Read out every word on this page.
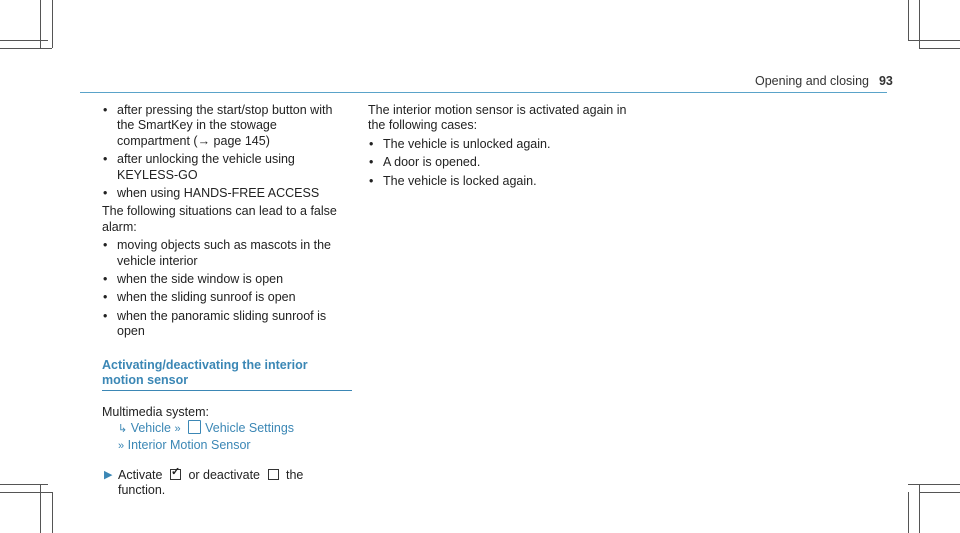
Opening and closing 93
• after pressing the start/stop button with the SmartKey in the stowage compartment (→ page 145)
• after unlocking the vehicle using KEYLESS-GO
• when using HANDS-FREE ACCESS

The following situations can lead to a false alarm:

• moving objects such as mascots in the vehicle interior
• when the side window is open
• when the sliding sunroof is open
• when the panoramic sliding sunroof is open
Activating/deactivating the interior motion sensor
Multimedia system:
↳ Vehicle » Vehicle Settings
» Interior Motion Sensor
▶ Activate ✓ or deactivate the function.

The interior motion sensor is activated again in the following cases:

• The vehicle is unlocked again.
• A door is opened.
• The vehicle is locked again.
